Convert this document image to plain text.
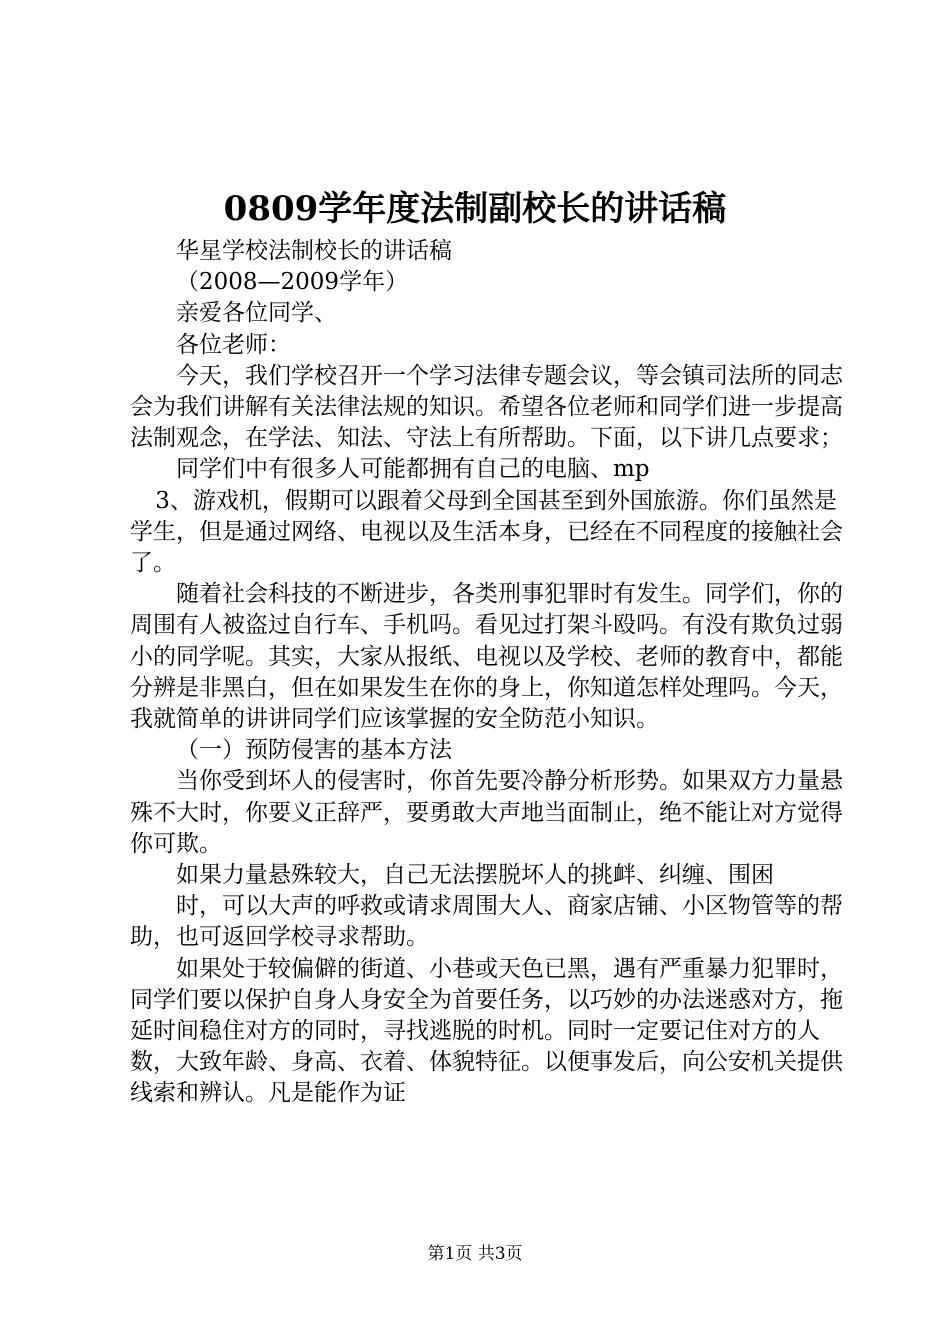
0809学年度法制副校长的讲话稿

华星学校法制校长的讲话稿

（2008—2009学年）

亲爱各位同学、

各位老师：

今天，我们学校召开一个学习法律专题会议，等会镇司法所的同志会为我们讲解有关法律法规的知识。希望各位老师和同学们进一步提高法制观念，在学法、知法、守法上有所帮助。下面，以下讲几点要求；

同学们中有很多人可能都拥有自己的电脑、mp

3、游戏机，假期可以跟着父母到全国甚至到外国旅游。你们虽然是学生，但是通过网络、电视以及生活本身，已经在不同程度的接触社会了。

随着社会科技的不断进步，各类刑事犯罪时有发生。同学们，你的周围有人被盗过自行车、手机吗。看见过打架斗殴吗。有没有欺负过弱小的同学呢。其实，大家从报纸、电视以及学校、老师的教育中，都能分辨是非黑白，但在如果发生在你的身上，你知道怎样处理吗。今天，我就简单的讲讲同学们应该掌握的安全防范小知识。

（一）预防侵害的基本方法

当你受到坏人的侵害时，你首先要冷静分析形势。如果双方力量悬殊不大时，你要义正辞严，要勇敢大声地当面制止，绝不能让对方觉得你可欺。

如果力量悬殊较大，自己无法摆脱坏人的挑衅、纠缠、围困

时，可以大声的呼救或请求周围大人、商家店铺、小区物管等的帮助，也可返回学校寻求帮助。

如果处于较偏僻的街道、小巷或天色已黑，遇有严重暴力犯罪时，同学们要以保护自身人身安全为首要任务，以巧妙的办法迷惑对方，拖延时间稳住对方的同时，寻找逃脱的时机。同时一定要记住对方的人数，大致年龄、身高、衣着、体貌特征。以便事发后，向公安机关提供线索和辨认。凡是能作为证

第1页 共3页
